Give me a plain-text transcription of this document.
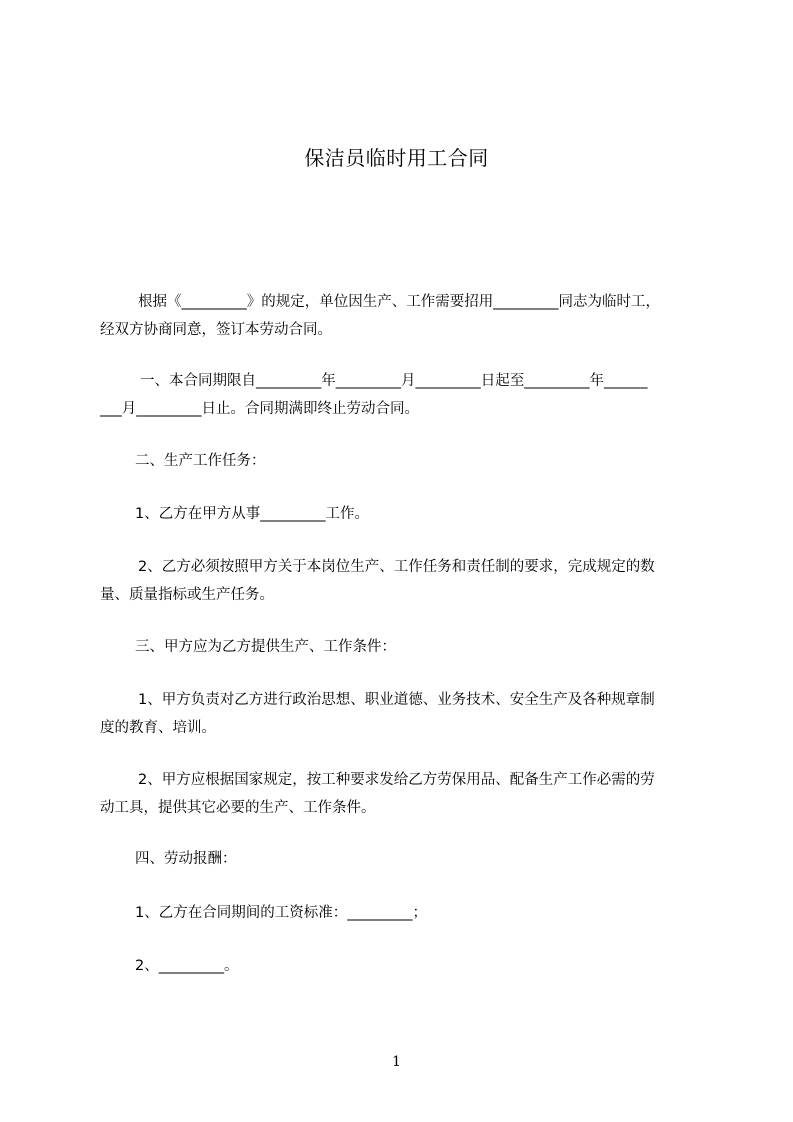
保洁员临时用工合同
根据《_________》的规定，单位因生产、工作需要招用_________同志为临时工，
经双方协商同意，签订本劳动合同。
一、本合同期限自_________年_________月_________日起至_________年______
___月_________日止。合同期满即终止劳动合同。
二、生产工作任务：
1、乙方在甲方从事_________工作。
2、乙方必须按照甲方关于本岗位生产、工作任务和责任制的要求，完成规定的数
量、质量指标或生产任务。
三、甲方应为乙方提供生产、工作条件：
1、甲方负责对乙方进行政治思想、职业道德、业务技术、安全生产及各种规章制
度的教育、培训。
2、甲方应根据国家规定，按工种要求发给乙方劳保用品、配备生产工作必需的劳
动工具，提供其它必要的生产、工作条件。
四、劳动报酬：
1、乙方在合同期间的工资标准：_________；
2、_________。
1
